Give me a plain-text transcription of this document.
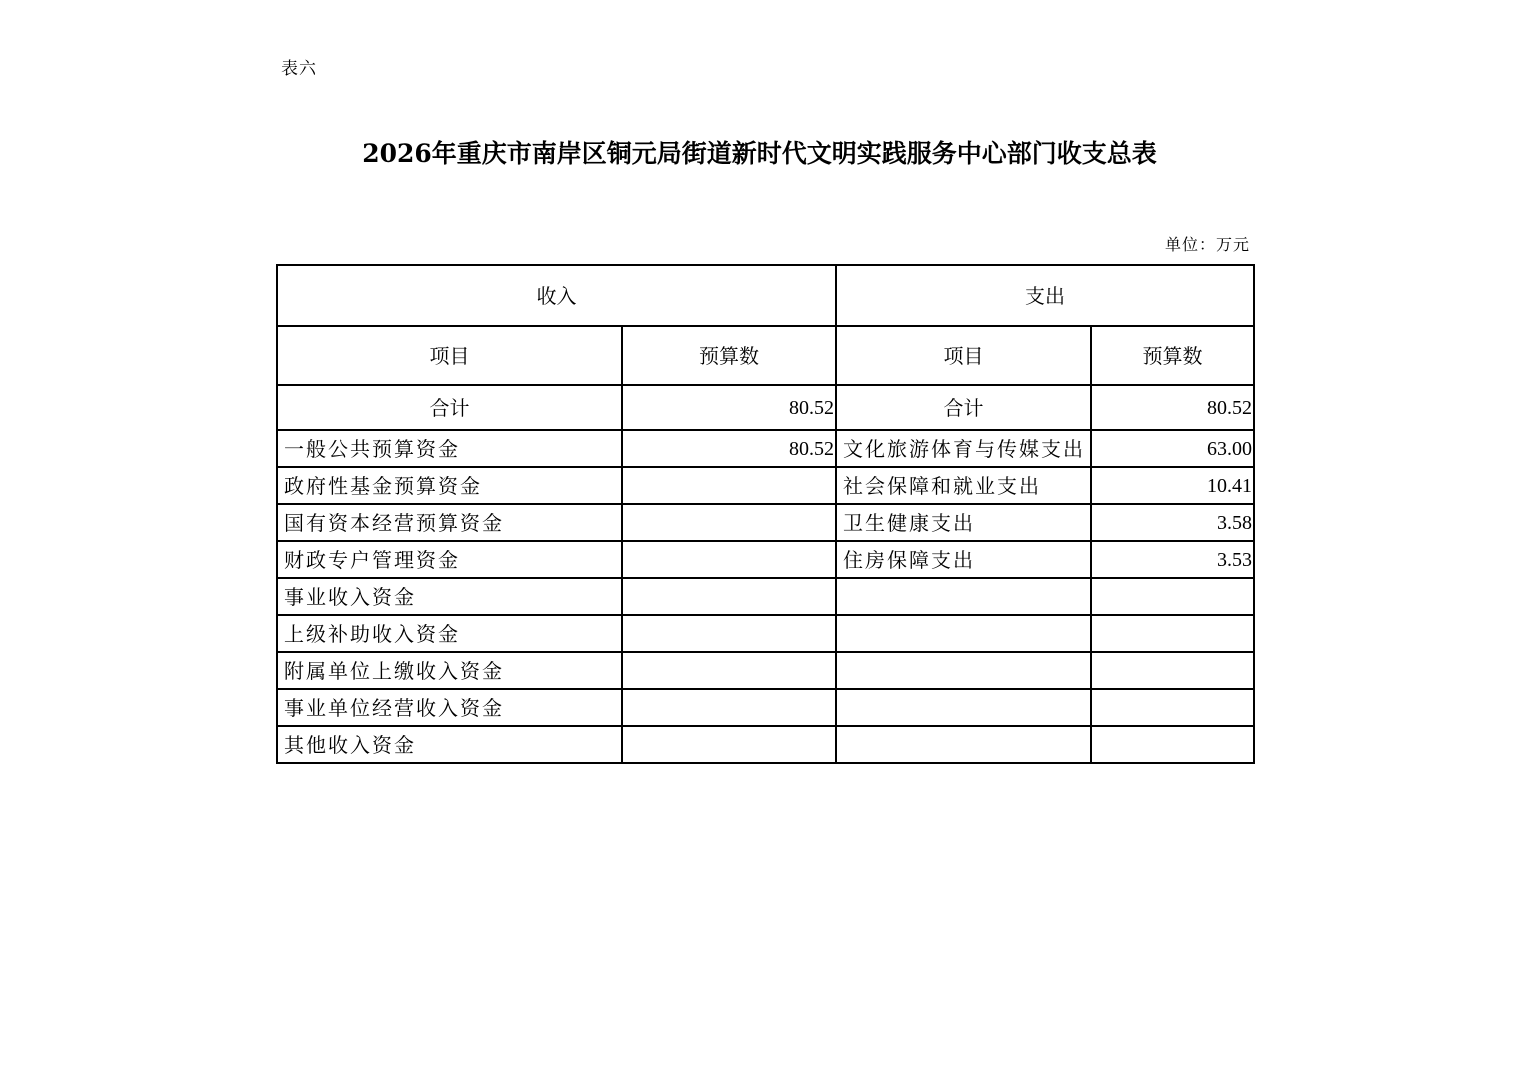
表六
2026年重庆市南岸区铜元局街道新时代文明实践服务中心部门收支总表
单位：万元
收入		支出	
项目	预算数	项目	预算数
合计	80.52	合计	80.52
一般公共预算资金	80.52	文化旅游体育与传媒支出	63.00
政府性基金预算资金		社会保障和就业支出	10.41
国有资本经营预算资金		卫生健康支出	3.58
财政专户管理资金		住房保障支出	3.53
事业收入资金			
上级补助收入资金			
附属单位上缴收入资金			
事业单位经营收入资金			
其他收入资金			
